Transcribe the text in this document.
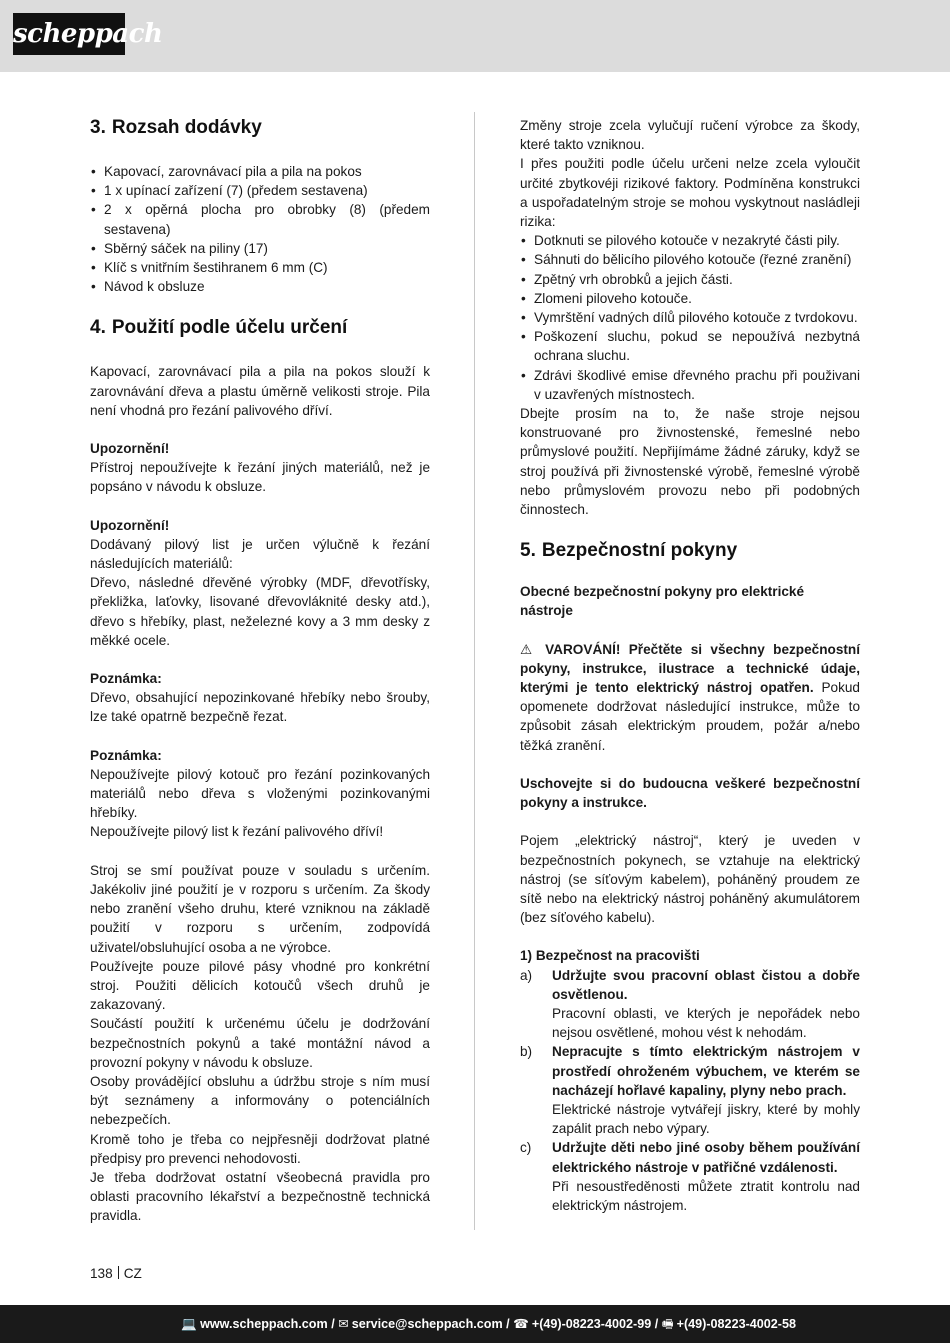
scheppach
3. Rozsah dodávky
• Kapovací, zarovnávací pila a pila na pokos
• 1 x upínací zařízení (7) (předem sestavena)
• 2 x opěrná plocha pro obrobky (8) (předem sestavena)
• Sběrný sáček na piliny (17)
• Klíč s vnitřním šestihranem 6 mm (C)
• Návod k obsluze
4. Použití podle účelu určení

Kapovací, zarovnávací pila a pila na pokos slouží k zarovnávání dřeva a plastu úměrně velikosti stroje. Pila není vhodná pro řezání palivového dříví.

Upozornění!

Přístroj nepoužívejte k řezání jiných materiálů, než je popsáno v návodu k obsluze.

Upozornění!

Dodávaný pilový list je určen výlučně k řezání následujících materiálů:

Dřevo, následné dřevěné výrobky (MDF, dřevotřísky, překližka, laťovky, lisované dřevovláknité desky atd.), dřevo s hřebíky, plast, neželezné kovy a 3 mm desky z měkké ocele.

Poznámka:

Dřevo, obsahující nepozinkované hřebíky nebo šrouby, lze také opatrně bezpečně řezat.

Poznámka:

Nepoužívejte pilový kotouč pro řezání pozinkovaných materiálů nebo dřeva s vloženými pozinkovanými hřebíky.

Nepoužívejte pilový list k řezání palivového dříví!

Stroj se smí používat pouze v souladu s určením. Jakékoliv jiné použití je v rozporu s určením. Za škody nebo zranění všeho druhu, které vzniknou na základě použití v rozporu s určením, zodpovídá uživatel/obsluhující osoba a ne výrobce.

Používejte pouze pilové pásy vhodné pro konkrétní stroj. Použiti dělicích kotoučů všech druhů je zakazovaný.

Součástí použití k určenému účelu je dodržování bezpečnostních pokynů a také montážní návod a provozní pokyny v návodu k obsluze.

Osoby provádějící obsluhu a údržbu stroje s ním musí být seznámeny a informovány o potenciálních nebezpečích.

Kromě toho je třeba co nejpřesněji dodržovat platné předpisy pro prevenci nehodovosti.

Je třeba dodržovat ostatní všeobecná pravidla pro oblasti pracovního lékařství a bezpečnostně technická pravidla.

Změny stroje zcela vylučují ručení výrobce za škody, které takto vzniknou.

I přes použiti podle účelu určeni nelze zcela vyloučit určité zbytkovéji rizikové faktory. Podmíněna konstrukci a uspořadatelným stroje se mohou vyskytnout nasládleji rizika:

• Dotknuti se pilového kotouče v nezakryté části pily.
• Sáhnuti do bělicího pilového kotouče (řezné zranění)
• Zpětný vrh obrobků a jejich části.
• Zlomeni piloveho kotouče.
• Vymrštění vadných dílů pilového kotouče z tvrdokovu.
• Poškození sluchu, pokud se nepoužívá nezbytná ochrana sluchu.
• Zdrávi škodlivé emise dřevného prachu při použivani v uzavřených místnostech.

Dbejte prosím na to, že naše stroje nejsou konstruované pro živnostenské, řemeslné nebo průmyslové použití. Nepřijímáme žádné záruky, když se stroj používá při živnostenské výrobě, řemeslné výrobě nebo průmyslovém provozu nebo při podobných činnostech.

5. Bezpečnostní pokyny

Obecné bezpečnostní pokyny pro elektrické nástroje

⚠ VAROVÁNÍ! Přečtěte si všechny bezpečnostní pokyny, instrukce, ilustrace a technické údaje, kterými je tento elektrický nástroj opatřen. Pokud opomenete dodržovat následující instrukce, může to způsobit zásah elektrickým proudem, požár a/nebo těžká zranění.

Uschovejte si do budoucna veškeré bezpečnostní pokyny a instrukce.

Pojem „elektrický nástroj“, který je uveden v bezpečnostních pokynech, se vztahuje na elektrický nástroj (se síťovým kabelem), poháněný proudem ze sítě nebo na elektrický nástroj poháněný akumulátorem (bez síťového kabelu).

1) Bezpečnost na pracovišti

a) Udržujte svou pracovní oblast čistou a dobře osvětlenou.

Pracovní oblasti, ve kterých je nepořádek nebo nejsou osvětlené, mohou vést k nehodám.

b) Nepracujte s tímto elektrickým nástrojem v prostředí ohroženém výbuchem, ve kterém se nacházejí hořlavé kapaliny, plyny nebo prach.

Elektrické nástroje vytvářejí jiskry, které by mohly zapálit prach nebo výpary.

c) Udržujte děti nebo jiné osoby během používání elektrického nástroje v patřičné vzdálenosti.

Při nesoustředěnosti můžete ztratit kontrolu nad elektrickým nástrojem.

138 CZ
💻 www.scheppach.com / ✉ service@scheppach.com / ☎ +(49)-08223-4002-99 / 🖷 +(49)-08223-4002-58
